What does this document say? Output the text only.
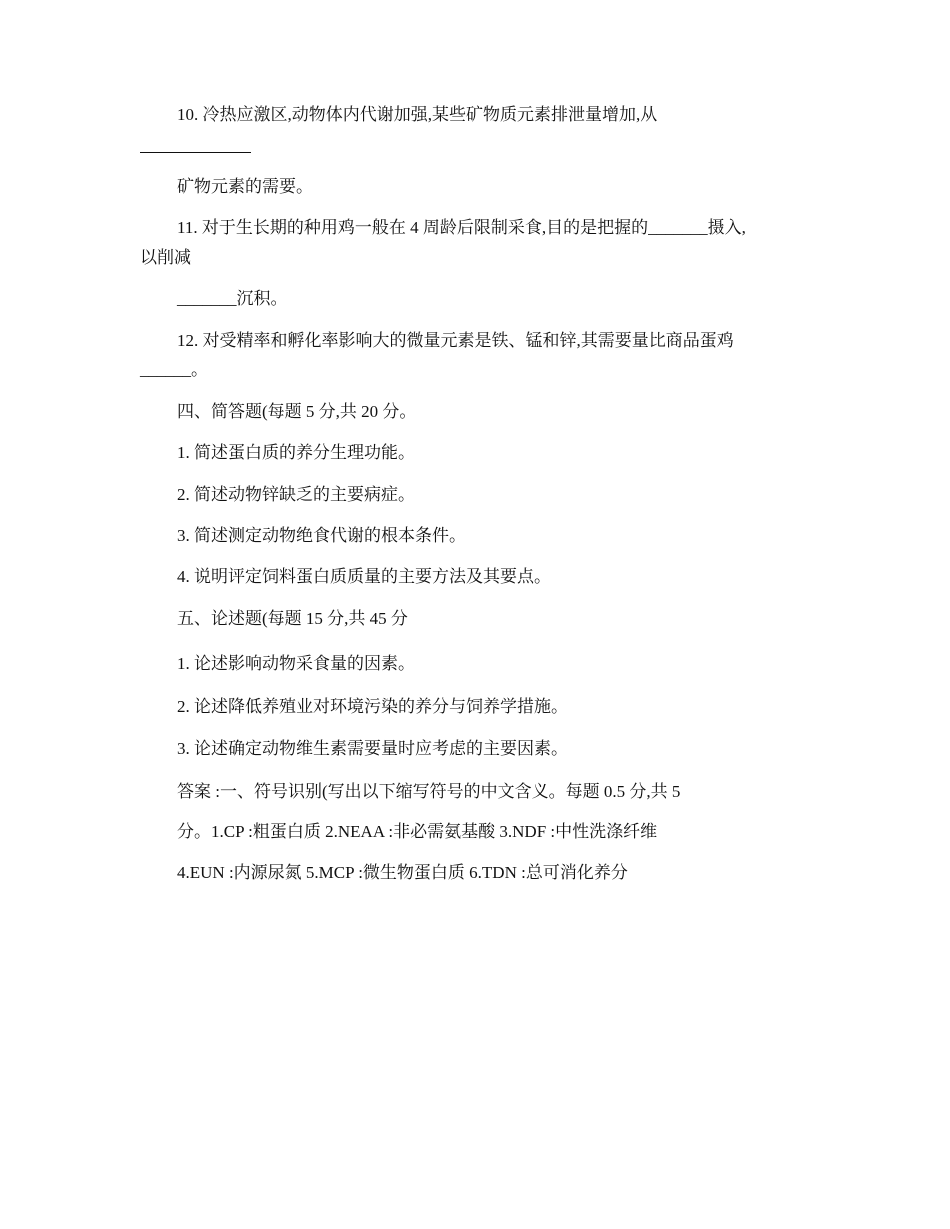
10. 冷热应激区,动物体内代谢加强,某些矿物质元素排泄量增加,从
矿物元素的需要。
11. 对于生长期的种用鸡一般在 4 周龄后限制采食,目的是把握的_______摄入,
以削减
_______沉积。
12. 对受精率和孵化率影响大的微量元素是铁、锰和锌,其需要量比商品蛋鸡
______。
四、简答题(每题 5 分,共 20 分。
1. 简述蛋白质的养分生理功能。
2. 简述动物锌缺乏的主要病症。
3. 简述测定动物绝食代谢的根本条件。
4. 说明评定饲料蛋白质质量的主要方法及其要点。
五、论述题(每题 15 分,共 45 分
1. 论述影响动物采食量的因素。
2. 论述降低养殖业对环境污染的养分与饲养学措施。
3. 论述确定动物维生素需要量时应考虑的主要因素。
答案 :一、符号识别(写出以下缩写符号的中文含义。每题 0.5 分,共 5
分。1.CP :粗蛋白质 2.NEAA :非必需氨基酸 3.NDF :中性洗涤纤维
4.EUN :内源尿氮 5.MCP :微生物蛋白质 6.TDN :总可消化养分
